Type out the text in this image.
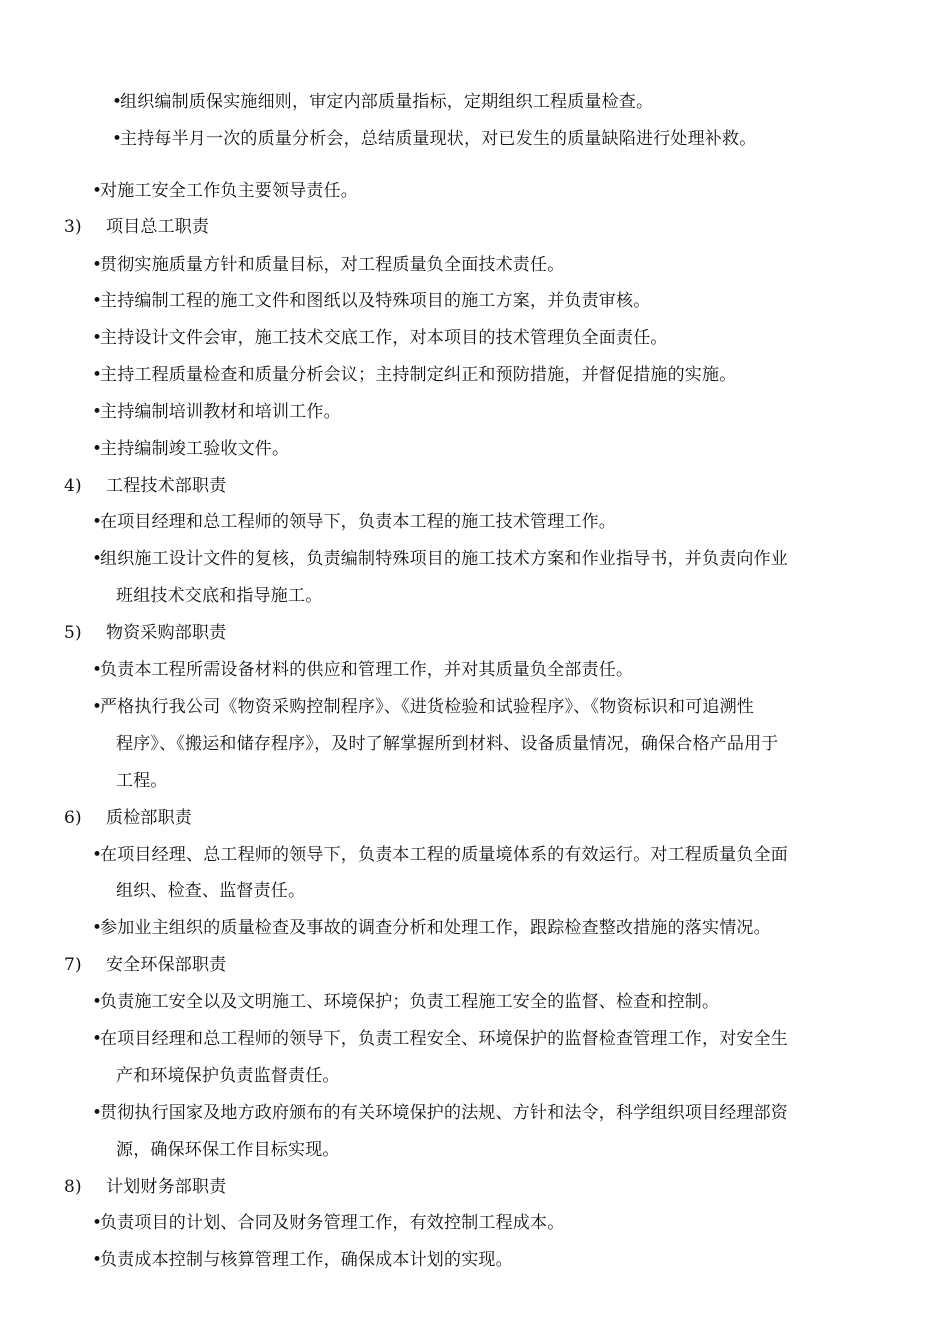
•组织编制质保实施细则，审定内部质量指标，定期组织工程质量检查。
•主持每半月一次的质量分析会，总结质量现状，对已发生的质量缺陷进行处理补救。
•对施工安全工作负主要领导责任。
3) 项目总工职责
•贯彻实施质量方针和质量目标，对工程质量负全面技术责任。
•主持编制工程的施工文件和图纸以及特殊项目的施工方案，并负责审核。
•主持设计文件会审，施工技术交底工作，对本项目的技术管理负全面责任。
•主持工程质量检查和质量分析会议；主持制定纠正和预防措施，并督促措施的实施。
•主持编制培训教材和培训工作。
•主持编制竣工验收文件。
4) 工程技术部职责
•在项目经理和总工程师的领导下，负责本工程的施工技术管理工作。
•组织施工设计文件的复核，负责编制特殊项目的施工技术方案和作业指导书，并负责向作业
班组技术交底和指导施工。
5) 物资采购部职责
•负责本工程所需设备材料的供应和管理工作，并对其质量负全部责任。
•严格执行我公司《物资采购控制程序》、《进货检验和试验程序》、《物资标识和可追溯性
程序》、《搬运和储存程序》，及时了解掌握所到材料、设备质量情况，确保合格产品用于
工程。
6) 质检部职责
•在项目经理、总工程师的领导下，负责本工程的质量境体系的有效运行。对工程质量负全面
组织、检查、监督责任。
•参加业主组织的质量检查及事故的调查分析和处理工作，跟踪检查整改措施的落实情况。
7) 安全环保部职责
•负责施工安全以及文明施工、环境保护；负责工程施工安全的监督、检查和控制。
•在项目经理和总工程师的领导下，负责工程安全、环境保护的监督检查管理工作，对安全生
产和环境保护负责监督责任。
•贯彻执行国家及地方政府颁布的有关环境保护的法规、方针和法令，科学组织项目经理部资
源，确保环保工作目标实现。
8) 计划财务部职责
•负责项目的计划、合同及财务管理工作，有效控制工程成本。
•负责成本控制与核算管理工作，确保成本计划的实现。
